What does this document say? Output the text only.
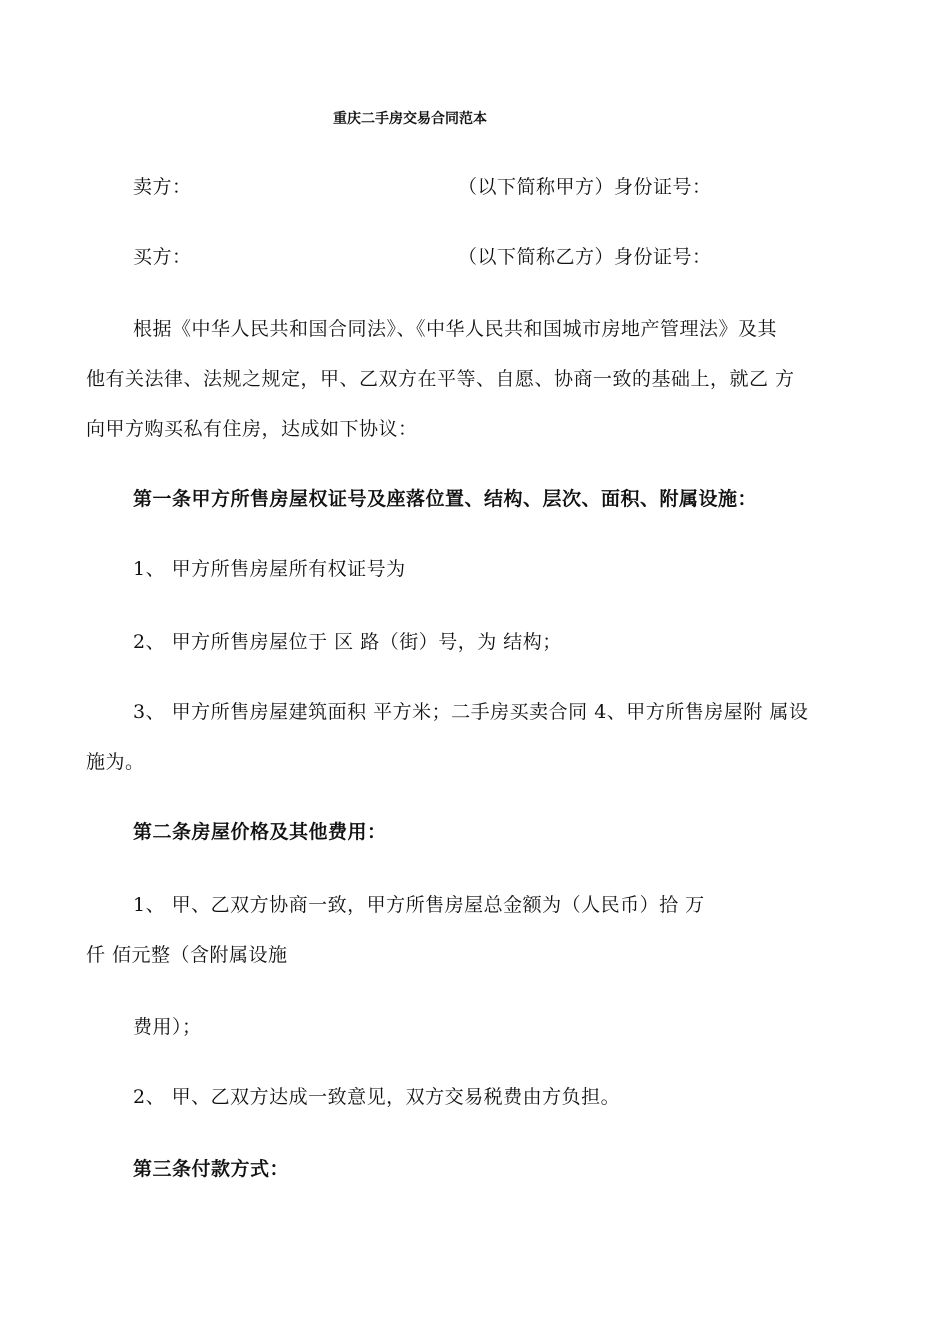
重庆二手房交易合同范本
卖方：	（以下简称甲方）身份证号：
买方：	（以下简称乙方）身份证号：
根据《中华人民共和国合同法》、《中华人民共和国城市房地产管理法》及其
他有关法律、法规之规定，甲、乙双方在平等、自愿、协商一致的基础上，就乙 方
向甲方购买私有住房，达成如下协议：
第一条甲方所售房屋权证号及座落位置、结构、层次、面积、附属设施：
1、 甲方所售房屋所有权证号为
2、 甲方所售房屋位于 区 路（街）号，为 结构；
3、 甲方所售房屋建筑面积 平方米；二手房买卖合同 4、甲方所售房屋附 属设
施为。
第二条房屋价格及其他费用：
1、 甲、乙双方协商一致，甲方所售房屋总金额为（人民币）拾 万
仟 佰元整（含附属设施
费用）；
2、 甲、乙双方达成一致意见，双方交易税费由方负担。
第三条付款方式：
